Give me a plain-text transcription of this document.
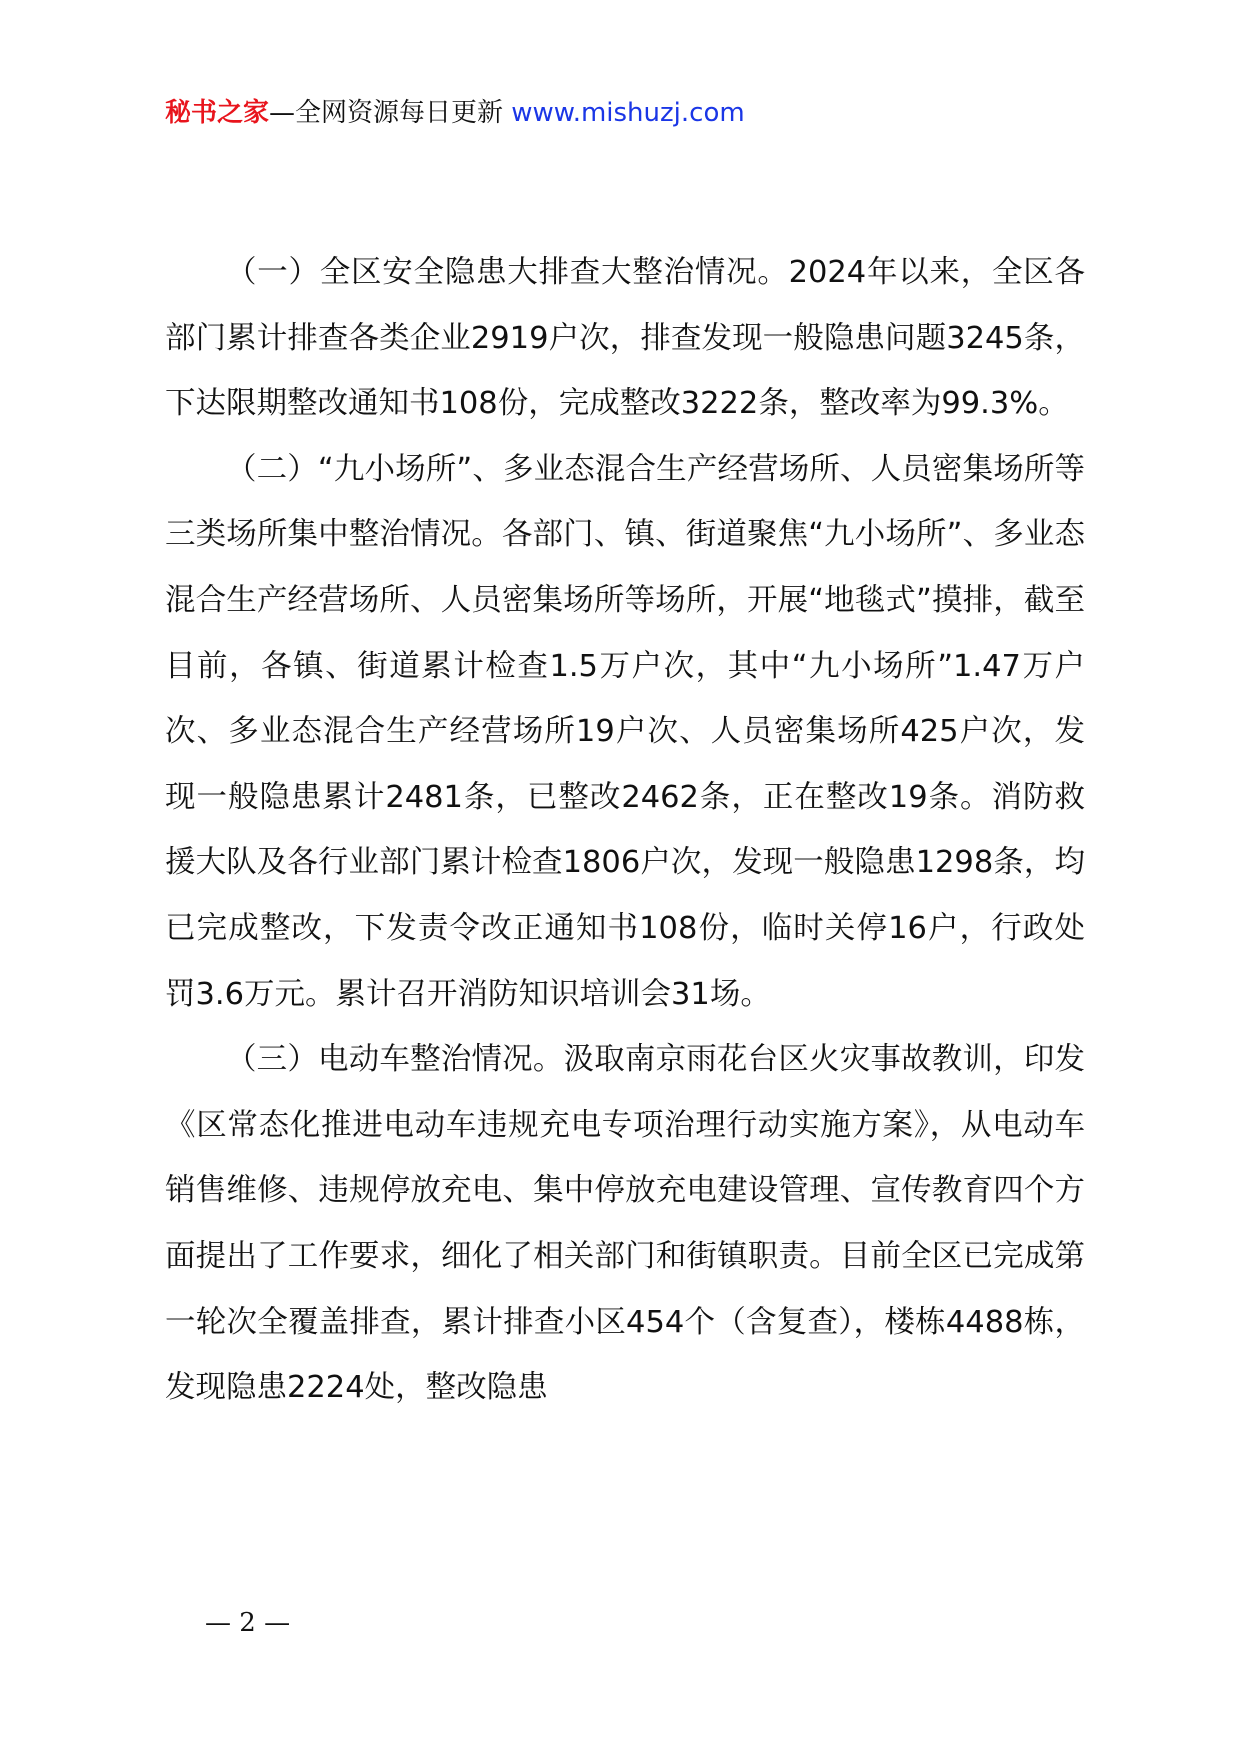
秘书之家—全网资源每日更新 www.mishuzj.com

（一）全区安全隐患大排查大整治情况。2024年以来，全区各部门累计排查各类企业2919户次，排查发现一般隐患问题3245条，下达限期整改通知书108份，完成整改3222条，整改率为99.3%。

（二）“九小场所”、多业态混合生产经营场所、人员密集场所等三类场所集中整治情况。各部门、镇、街道聚焦“九小场所”、多业态混合生产经营场所、人员密集场所等场所，开展“地毯式”摸排，截至目前，各镇、街道累计检查1.5万户次，其中“九小场所”1.47万户次、多业态混合生产经营场所19户次、人员密集场所425户次，发现一般隐患累计2481条，已整改2462条，正在整改19条。消防救援大队及各行业部门累计检查1806户次，发现一般隐患1298条，均已完成整改，下发责令改正通知书108份，临时关停16户，行政处罚3.6万元。累计召开消防知识培训会31场。

（三）电动车整治情况。汲取南京雨花台区火灾事故教训，印发《区常态化推进电动车违规充电专项治理行动实施方案》，从电动车销售维修、违规停放充电、集中停放充电建设管理、宣传教育四个方面提出了工作要求，细化了相关部门和街镇职责。目前全区已完成第一轮次全覆盖排查，累计排查小区454个（含复查），楼栋4488栋，发现隐患2224处，整改隐患

— 2 —
